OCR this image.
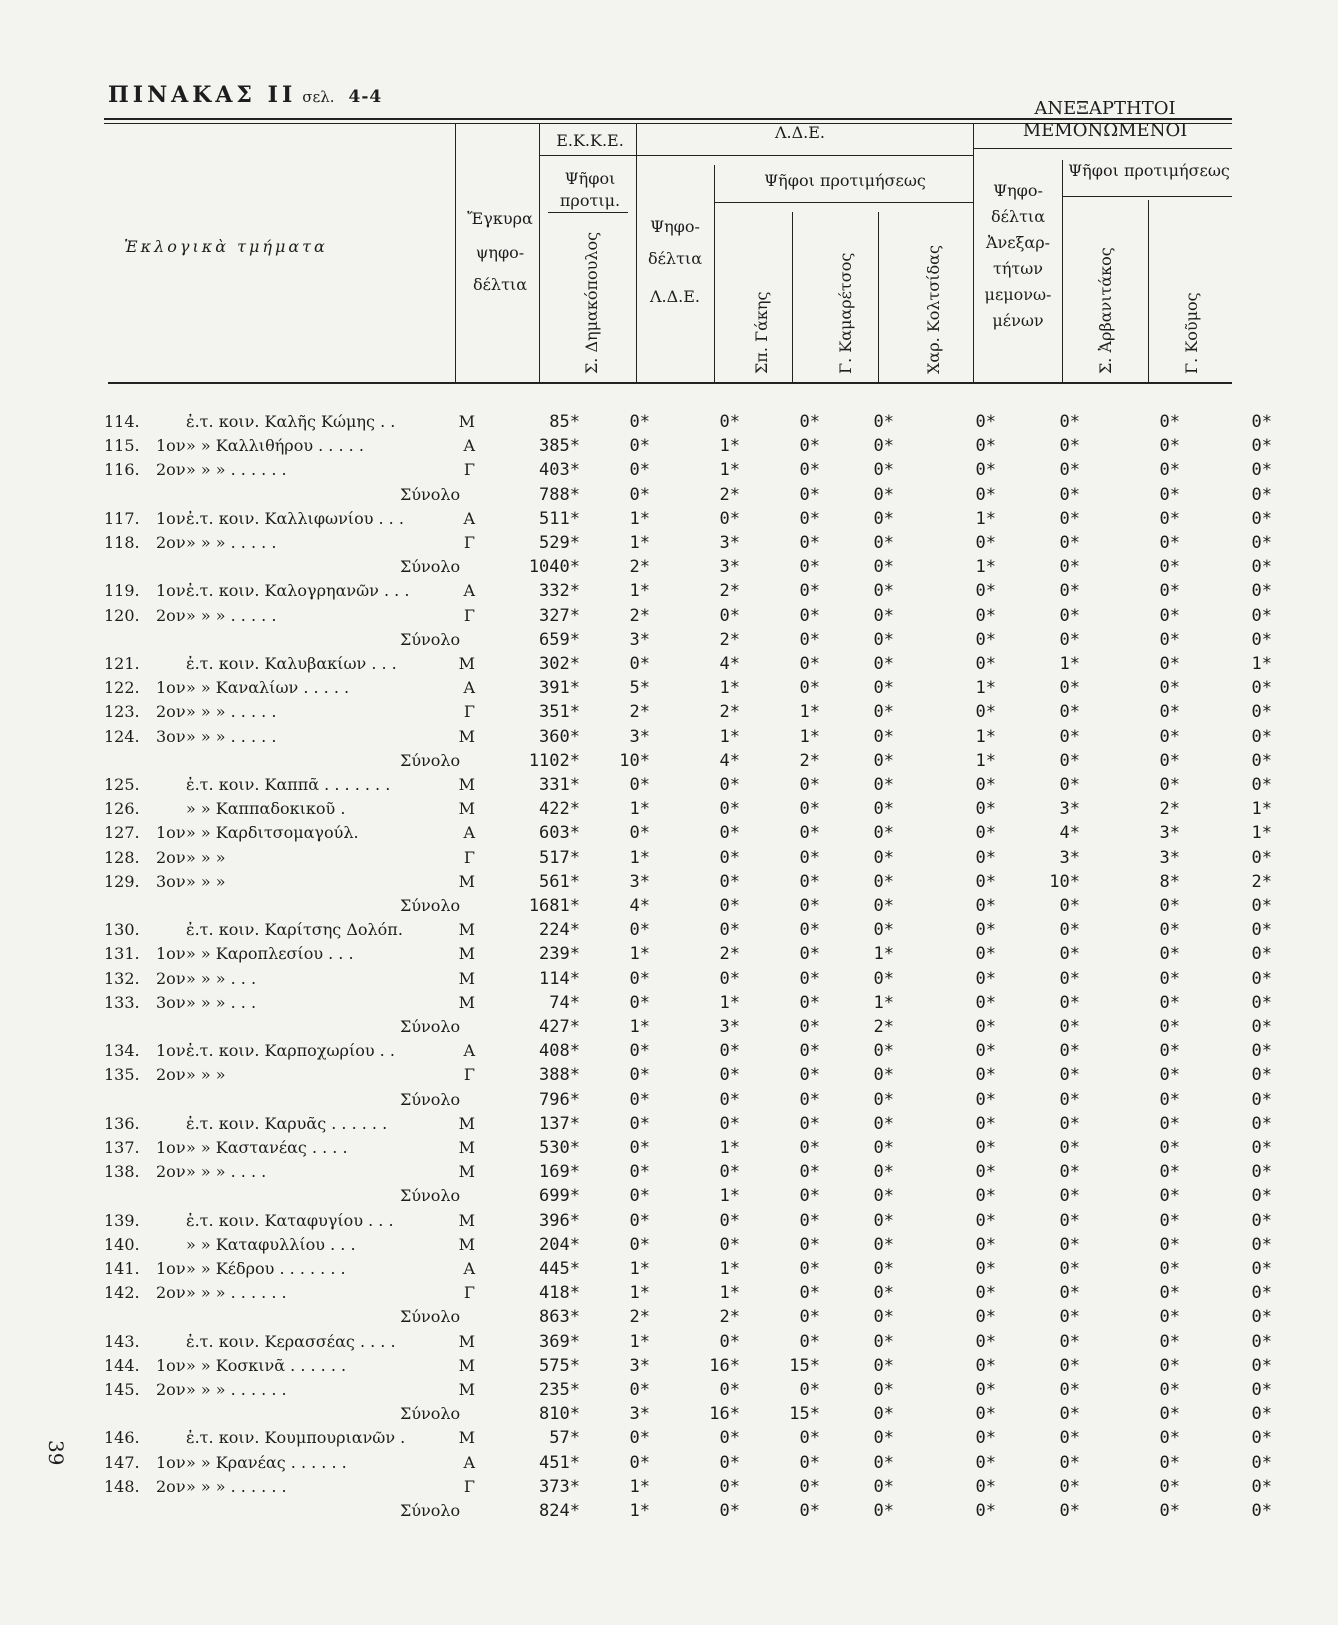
ΠΙΝΑΚΑΣ ΙΙ σελ. 4-4
Ἐκλογικὰ τμήματα
Ἔγκυρα
ψηφο-
δέλτια
Ε.Κ.Κ.Ε.
Ψῆφοι
προτιμ.
Σ. Δημακόπουλος
Λ.Δ.Ε.
Ψηφο-
δέλτια
Λ.Δ.Ε.
Ψῆφοι προτιμήσεως
Σπ. Γάκης	Γ. Καμαρέτσος	Χαρ. Κολτσίδας
ΑΝΕΞΑΡΤΗΤΟΙ
ΜΕΜΟΝΩΜΕΝΟΙ
Ψηφο-
δέλτια
Ἀνεξαρ-
τήτων
μεμονω-
μένων
Ψῆφοι προτιμήσεως
Σ. Ἀρβανιτάκος	Γ. Κοῦμος
114.	ἐ.τ. κοιν. Καλῆς Κώμης . .	Μ	85*	0*	0*	0*	0*	0*	0*	0*	0*
115.	1ον » » Καλλιθήρου . . . . .	Α	385*	0*	1*	0*	0*	0*	0*	0*	0*
116.	2ον » » » . . . . . .	Γ	403*	0*	1*	0*	0*	0*	0*	0*	0*
Σύνολο	788*	0*	2*	0*	0*	0*	0*	0*	0*
117.	1ον ἐ.τ. κοιν. Καλλιφωνίου . . .	Α	511*	1*	0*	0*	0*	1*	0*	0*	0*
118.	2ον » » » . . . . .	Γ	529*	1*	3*	0*	0*	0*	0*	0*	0*
Σύνολο	1040*	2*	3*	0*	0*	1*	0*	0*	0*
119.	1ον ἐ.τ. κοιν. Καλογρηανῶν . . .	Α	332*	1*	2*	0*	0*	0*	0*	0*	0*
120.	2ον » » » . . . . .	Γ	327*	2*	0*	0*	0*	0*	0*	0*	0*
Σύνολο	659*	3*	2*	0*	0*	0*	0*	0*	0*
121.	ἐ.τ. κοιν. Καλυβακίων . . .	Μ	302*	0*	4*	0*	0*	0*	1*	0*	1*
122.	1ον » » Καναλίων . . . . .	Α	391*	5*	1*	0*	0*	1*	0*	0*	0*
123.	2ον » » » . . . . .	Γ	351*	2*	2*	1*	0*	0*	0*	0*	0*
124.	3ον » » » . . . . .	Μ	360*	3*	1*	1*	0*	1*	0*	0*	0*
Σύνολο	1102*	10*	4*	2*	0*	1*	0*	0*	0*
125.	ἐ.τ. κοιν. Καππᾶ . . . . . . .	Μ	331*	0*	0*	0*	0*	0*	0*	0*	0*
126.	» » Καππαδοκικοῦ .	Μ	422*	1*	0*	0*	0*	0*	3*	2*	1*
127.	1ον » » Καρδιτσομαγούλ.	Α	603*	0*	0*	0*	0*	0*	4*	3*	1*
128.	2ον » » »	Γ	517*	1*	0*	0*	0*	0*	3*	3*	0*
129.	3ον » » »	Μ	561*	3*	0*	0*	0*	0*	10*	8*	2*
Σύνολο	1681*	4*	0*	0*	0*	0*	0*	0*	0*
130.	ἐ.τ. κοιν. Καρίτσης Δολόπ.	Μ	224*	0*	0*	0*	0*	0*	0*	0*	0*
131.	1ον » » Καροπλεσίου . . .	Μ	239*	1*	2*	0*	1*	0*	0*	0*	0*
132.	2ον » » » . . .	Μ	114*	0*	0*	0*	0*	0*	0*	0*	0*
133.	3ον » » » . . .	Μ	74*	0*	1*	0*	1*	0*	0*	0*	0*
Σύνολο	427*	1*	3*	0*	2*	0*	0*	0*	0*
134.	1ον ἐ.τ. κοιν. Καρποχωρίου . .	Α	408*	0*	0*	0*	0*	0*	0*	0*	0*
135.	2ον » » »	Γ	388*	0*	0*	0*	0*	0*	0*	0*	0*
Σύνολο	796*	0*	0*	0*	0*	0*	0*	0*	0*
136.	ἐ.τ. κοιν. Καρυᾶς . . . . . .	Μ	137*	0*	0*	0*	0*	0*	0*	0*	0*
137.	1ον » » Καστανέας . . . .	Μ	530*	0*	1*	0*	0*	0*	0*	0*	0*
138.	2ον » » » . . . .	Μ	169*	0*	0*	0*	0*	0*	0*	0*	0*
Σύνολο	699*	0*	1*	0*	0*	0*	0*	0*	0*
139.	ἐ.τ. κοιν. Καταφυγίου . . .	Μ	396*	0*	0*	0*	0*	0*	0*	0*	0*
140.	» » Καταφυλλίου . . .	Μ	204*	0*	0*	0*	0*	0*	0*	0*	0*
141.	1ον » » Κέδρου . . . . . . .	Α	445*	1*	1*	0*	0*	0*	0*	0*	0*
142.	2ον » » » . . . . . .	Γ	418*	1*	1*	0*	0*	0*	0*	0*	0*
Σύνολο	863*	2*	2*	0*	0*	0*	0*	0*	0*
143.	ἐ.τ. κοιν. Κερασσέας . . . .	Μ	369*	1*	0*	0*	0*	0*	0*	0*	0*
144.	1ον » » Κοσκινᾶ . . . . . .	Μ	575*	3*	16*	15*	0*	0*	0*	0*	0*
145.	2ον » » » . . . . . .	Μ	235*	0*	0*	0*	0*	0*	0*	0*	0*
Σύνολο	810*	3*	16*	15*	0*	0*	0*	0*	0*
146.	ἐ.τ. κοιν. Κουμπουριανῶν .	Μ	57*	0*	0*	0*	0*	0*	0*	0*	0*
147.	1ον » » Κρανέας . . . . . .	Α	451*	0*	0*	0*	0*	0*	0*	0*	0*
148.	2ον » » » . . . . . .	Γ	373*	1*	0*	0*	0*	0*	0*	0*	0*
Σύνολο	824*	1*	0*	0*	0*	0*	0*	0*	0*
39
